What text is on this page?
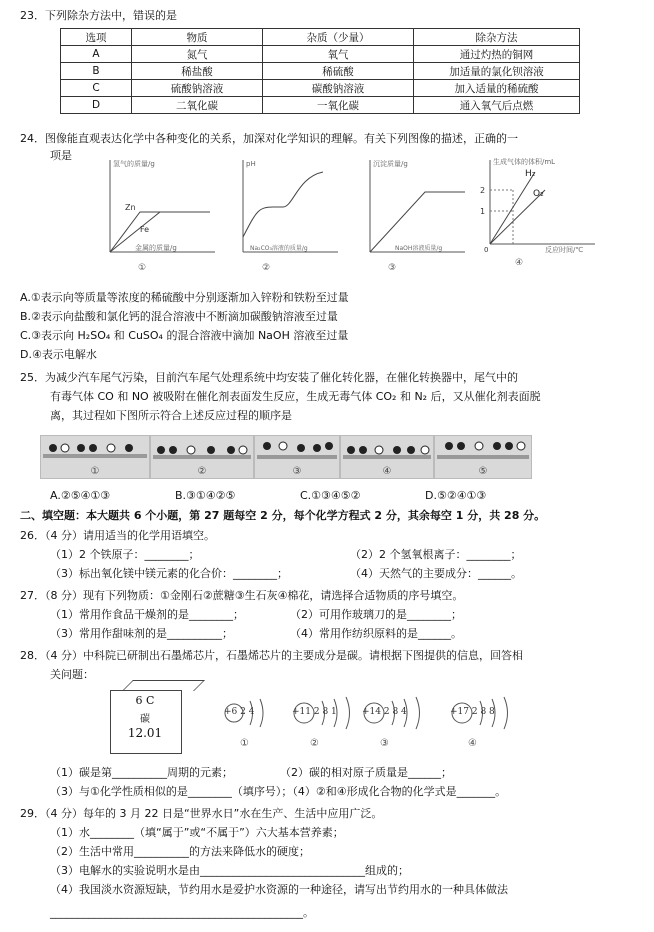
23．下列除杂方法中，错误的是
选项	物质	杂质（少量）	除杂方法
A	氮气	氧气	通过灼热的铜网
B	稀盐酸	稀硫酸	加适量的氯化钡溶液
C	硫酸钠溶液	碳酸钠溶液	加入适量的稀硫酸
D	二氧化碳	一氧化碳	通入氧气后点燃
24．图像能直观表达化学中各种变化的关系，加深对化学知识的理解。有关下列图像的描述，正确的一
项是
氢气的质量/g
金属的质量/g
Zn
Fe
①
pH
Na₂CO₃溶液的质量/g
②
沉淀质量/g
NaOH溶液质量/g
③
生成气体的体积/mL
反应时间/℃
2
1
0
H₂
O₂
④
A.①表示向等质量等浓度的稀硫酸中分别逐渐加入锌粉和铁粉至过量
B.②表示向盐酸和氯化钙的混合溶液中不断滴加碳酸钠溶液至过量
C.③表示向 H₂SO₄ 和 CuSO₄ 的混合溶液中滴加 NaOH 溶液至过量
D.④表示电解水
25．为减少汽车尾气污染，目前汽车尾气处理系统中均安装了催化转化器，在催化转换器中，尾气中的
有毒气体 CO 和 NO 被吸附在催化剂表面发生反应，生成无毒气体 CO₂ 和 N₂ 后，又从催化剂表面脱
离，其过程如下图所示符合上述反应过程的顺序是
①	②	③	④	⑤
A.②⑤④①③	B.③①④②⑤	C.①③④⑤②	D.⑤②④①③
二、填空题：本大题共 6 个小题，第 27 题每空 2 分，每个化学方程式 2 分，其余每空 1 分，共 28 分。
26．（4 分）请用适当的化学用语填空。
（1）2 个铁原子：________；	（2）2 个氢氧根离子：________；
（3）标出氧化镁中镁元素的化合价：________；	（4）天然气的主要成分：______。
27．（8 分）现有下列物质：①金刚石②蔗糖③生石灰④棉花，请选择合适物质的序号填空。
（1）常用作食品干燥剂的是________；	（2）可用作玻璃刀的是________；
（3）常用作甜味剂的是__________；	（4）常用作纺织原料的是______。
28．（4 分）中科院已研制出石墨烯芯片，石墨烯芯片的主要成分是碳。请根据下图提供的信息，回答相
关问题：
6 C
碳
12.01
+6 2 4
①
+11 2 8 1
②
+14 2 8 4
③
+17 2 8 8
④
（1）碳是第__________周期的元素；	（2）碳的相对原子质量是______；
（3）与①化学性质相似的是________（填序号）；（4）②和④形成化合物的化学式是_______。
29．（4 分）每年的 3 月 22 日是“世界水日”水在生产、生活中应用广泛。
（1）水________（填“属于”或“不属于”）六大基本营养素；
（2）生活中常用__________的方法来降低水的硬度；
（3）电解水的实验说明水是由______________________________组成的；
（4）我国淡水资源短缺，节约用水是爱护水资源的一种途径，请写出节约用水的一种具体做法
______________________________________________。
